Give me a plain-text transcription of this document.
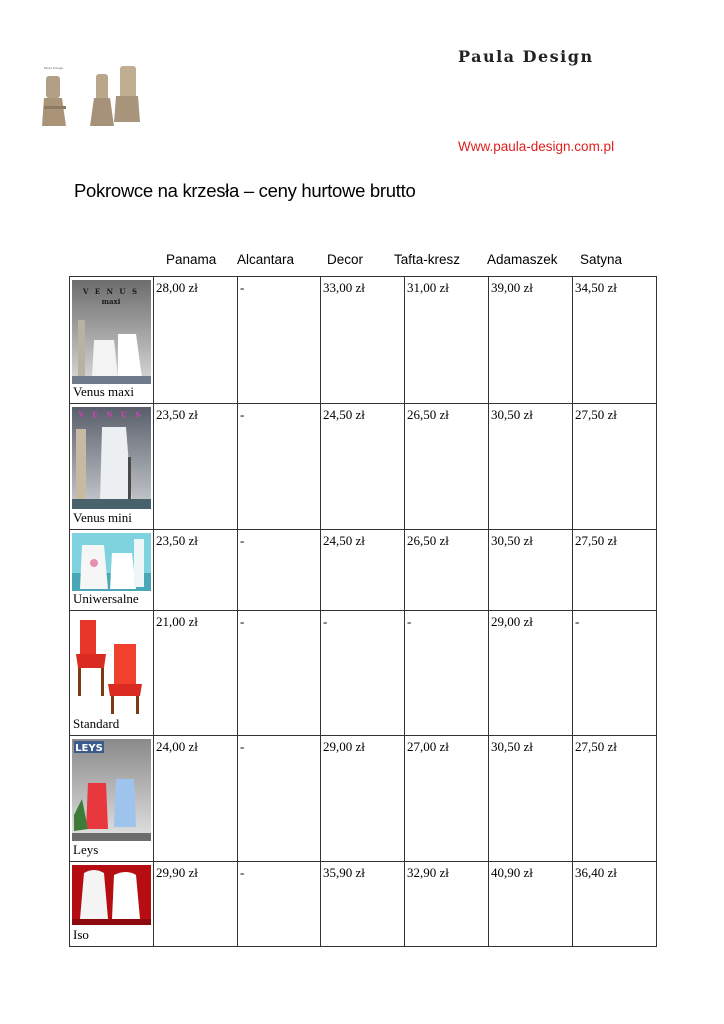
Paula Design
Paula Design
Www.paula-design.com.pl
Pokrowce na krzesła – ceny hurtowe brutto
Panama Alcantara Decor Tafta-kresz Adamaszek Satyna
V E N U S
maxi
Venus maxi	28,00 zł	-	33,00 zł	31,00 zł	39,00 zł	34,50 zł

V E N U S
Venus mini	23,50 zł	-	24,50 zł	26,50 zł	30,50 zł	27,50 zł

Uniwersalne	23,50 zł	-	24,50 zł	26,50 zł	30,50 zł	27,50 zł

Standard	21,00 zł	-	-	-	29,00 zł	-

LEYS
Leys	24,00 zł	-	29,00 zł	27,00 zł	30,50 zł	27,50 zł

Iso	29,90 zł	-	35,90 zł	32,90 zł	40,90 zł	36,40 zł
